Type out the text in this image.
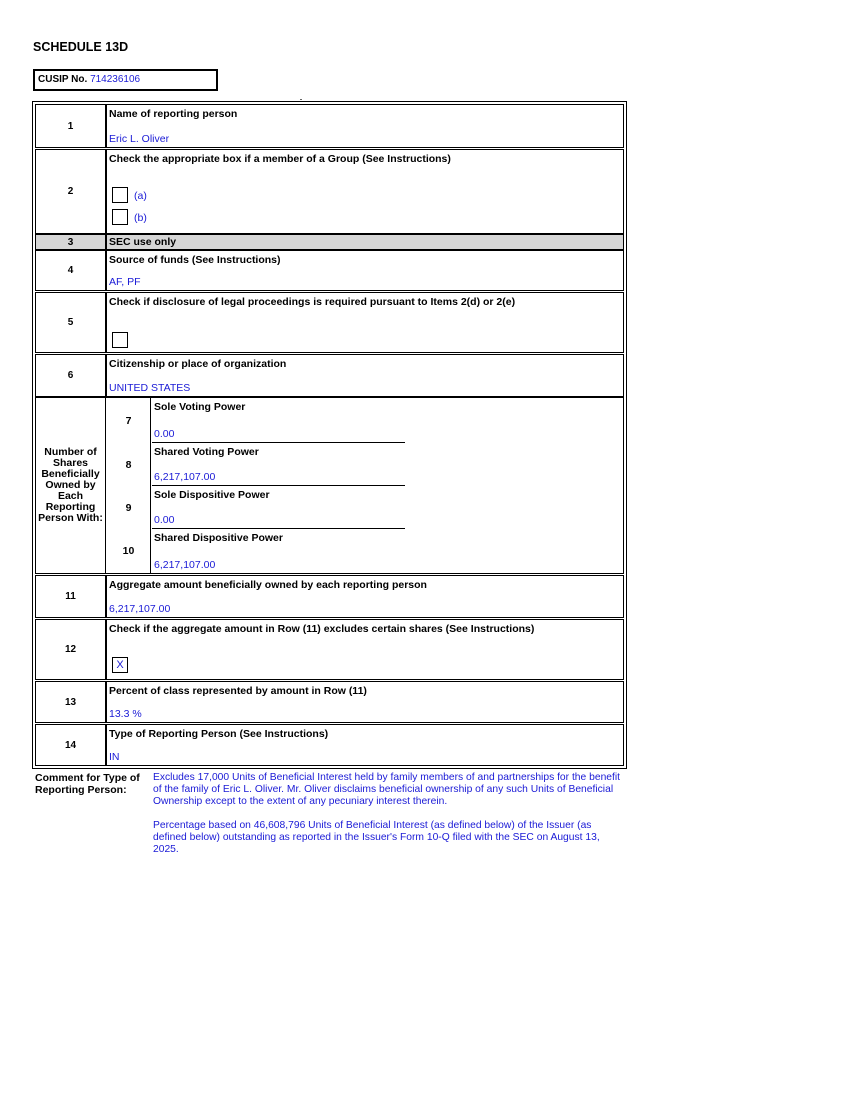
SCHEDULE 13D
CUSIP No. 714236106
1
Name of reporting person
Eric L. Oliver
2
Check the appropriate box if a member of a Group (See Instructions)
(a)
(b)
3	SEC use only
4
Source of funds (See Instructions)
AF, PF
5
Check if disclosure of legal proceedings is required pursuant to Items 2(d) or 2(e)
6
Citizenship or place of organization
UNITED STATES
Number of Shares Beneficially Owned by Each Reporting Person With:
7
Sole Voting Power
0.00
8
Shared Voting Power
6,217,107.00
9
Sole Dispositive Power
0.00
10
Shared Dispositive Power
6,217,107.00
11
Aggregate amount beneficially owned by each reporting person
6,217,107.00
12
Check if the aggregate amount in Row (11) excludes certain shares (See Instructions)
X
13
Percent of class represented by amount in Row (11)
13.3 %
14
Type of Reporting Person (See Instructions)
IN
Comment for Type of Reporting Person:

Excludes 17,000 Units of Beneficial Interest held by family members of and partnerships for the benefit of the family of Eric L. Oliver. Mr. Oliver disclaims beneficial ownership of any such Units of Beneficial Ownership except to the extent of any pecuniary interest therein.

Percentage based on 46,608,796 Units of Beneficial Interest (as defined below) of the Issuer (as defined below) outstanding as reported in the Issuer's Form 10-Q filed with the SEC on August 13, 2025.
